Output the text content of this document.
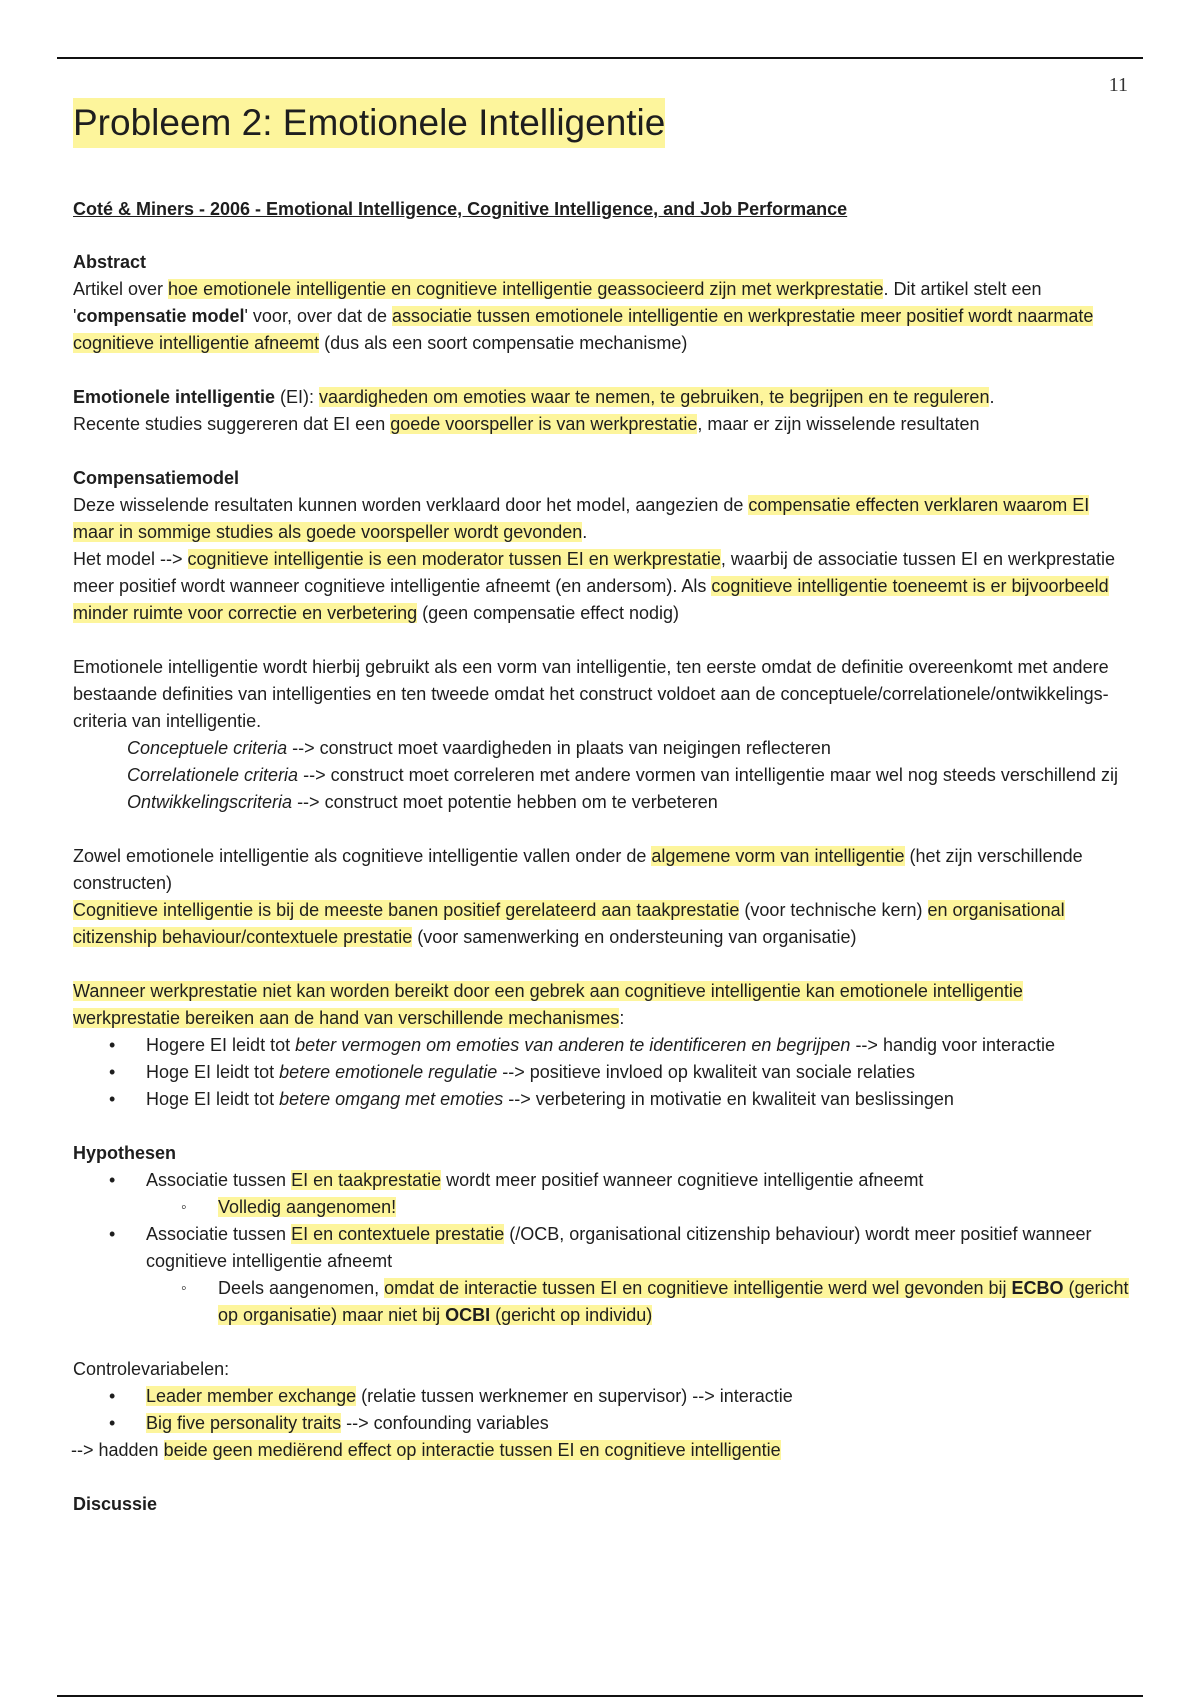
11
Probleem 2: Emotionele Intelligentie

Coté & Miners - 2006 - Emotional Intelligence, Cognitive Intelligence, and Job Performance

Abstract

Artikel over hoe emotionele intelligentie en cognitieve intelligentie geassocieerd zijn met werkprestatie. Dit artikel stelt een 'compensatie model' voor, over dat de associatie tussen emotionele intelligentie en werkprestatie meer positief wordt naarmate cognitieve intelligentie afneemt (dus als een soort compensatie mechanisme)

Emotionele intelligentie (EI): vaardigheden om emoties waar te nemen, te gebruiken, te begrijpen en te reguleren.

Recente studies suggereren dat EI een goede voorspeller is van werkprestatie, maar er zijn wisselende resultaten

Compensatiemodel

Deze wisselende resultaten kunnen worden verklaard door het model, aangezien de compensatie effecten verklaren waarom EI maar in sommige studies als goede voorspeller wordt gevonden.

Het model --> cognitieve intelligentie is een moderator tussen EI en werkprestatie, waarbij de associatie tussen EI en werkprestatie meer positief wordt wanneer cognitieve intelligentie afneemt (en andersom). Als cognitieve intelligentie toeneemt is er bijvoorbeeld minder ruimte voor correctie en verbetering (geen compensatie effect nodig)

Emotionele intelligentie wordt hierbij gebruikt als een vorm van intelligentie, ten eerste omdat de definitie overeenkomt met andere bestaande definities van intelligenties en ten tweede omdat het construct voldoet aan de conceptuele/correlationele/ontwikkelings-criteria van intelligentie.

Conceptuele criteria --> construct moet vaardigheden in plaats van neigingen reflecteren

Correlationele criteria --> construct moet correleren met andere vormen van intelligentie maar wel nog steeds verschillend zij

Ontwikkelingscriteria --> construct moet potentie hebben om te verbeteren

Zowel emotionele intelligentie als cognitieve intelligentie vallen onder de algemene vorm van intelligentie (het zijn verschillende constructen)

Cognitieve intelligentie is bij de meeste banen positief gerelateerd aan taakprestatie (voor technische kern) en organisational citizenship behaviour/contextuele prestatie (voor samenwerking en ondersteuning van organisatie)

Wanneer werkprestatie niet kan worden bereikt door een gebrek aan cognitieve intelligentie kan emotionele intelligentie werkprestatie bereiken aan de hand van verschillende mechanismes:

• Hogere EI leidt tot beter vermogen om emoties van anderen te identificeren en begrijpen --> handig voor interactie
• Hoge EI leidt tot betere emotionele regulatie --> positieve invloed op kwaliteit van sociale relaties
• Hoge EI leidt tot betere omgang met emoties --> verbetering in motivatie en kwaliteit van beslissingen

Hypothesen

• Associatie tussen EI en taakprestatie wordt meer positief wanneer cognitieve intelligentie afneemt
◦ Volledig aangenomen!
• Associatie tussen EI en contextuele prestatie (/OCB, organisational citizenship behaviour) wordt meer positief wanneer cognitieve intelligentie afneemt
◦ Deels aangenomen, omdat de interactie tussen EI en cognitieve intelligentie werd wel gevonden bij ECBO (gericht op organisatie) maar niet bij OCBI (gericht op individu)

Controlevariabelen:

• Leader member exchange (relatie tussen werknemer en supervisor) --> interactie
• Big five personality traits --> confounding variables

--> hadden beide geen mediërend effect op interactie tussen EI en cognitieve intelligentie

Discussie
